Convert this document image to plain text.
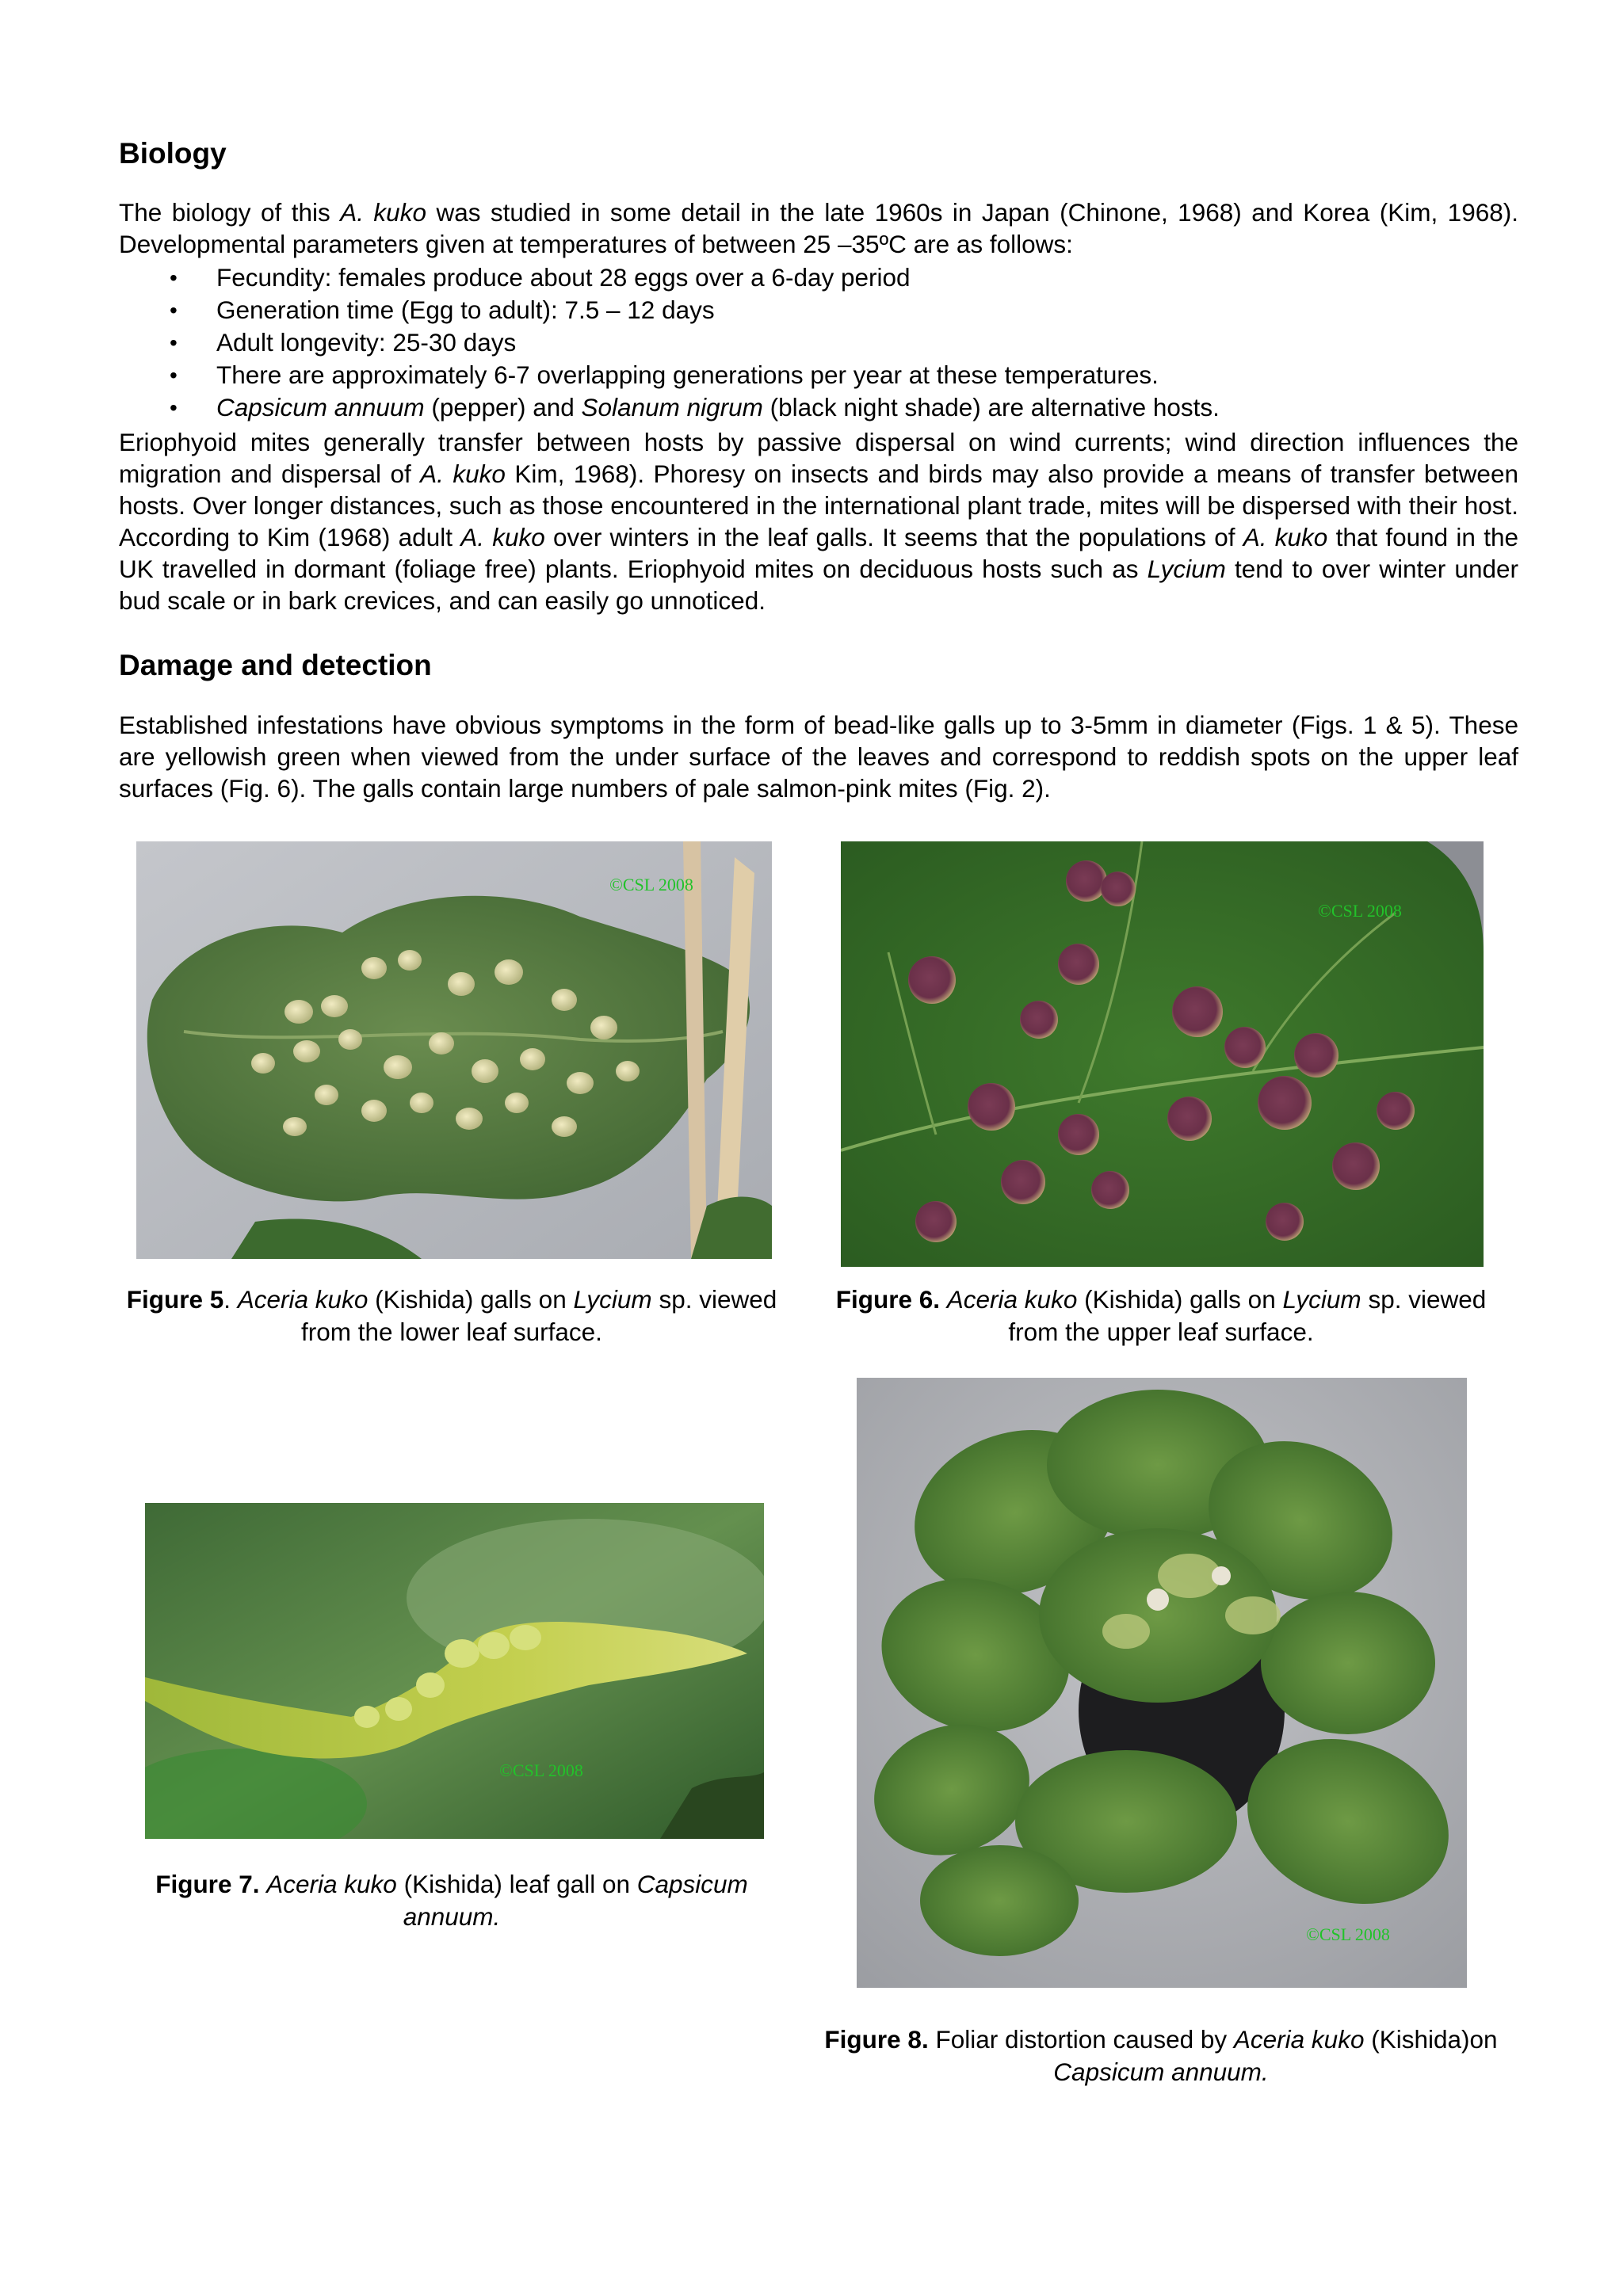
Biology

The biology of this A. kuko was studied in some detail in the late 1960s in Japan (Chinone, 1968) and Korea (Kim, 1968). Developmental parameters given at temperatures of between 25 –35ºC are as follows:

• Fecundity: females produce about 28 eggs over a 6-day period
• Generation time (Egg to adult): 7.5 – 12 days
• Adult longevity: 25-30 days
• There are approximately 6-7 overlapping generations per year at these temperatures.
• Capsicum annuum (pepper) and Solanum nigrum (black night shade) are alternative hosts.

Eriophyoid mites generally transfer between hosts by passive dispersal on wind currents; wind direction influences the migration and dispersal of A. kuko Kim, 1968). Phoresy on insects and birds may also provide a means of transfer between hosts. Over longer distances, such as those encountered in the international plant trade, mites will be dispersed with their host. According to Kim (1968) adult A. kuko over winters in the leaf galls. It seems that the populations of A. kuko that found in the UK travelled in dormant (foliage free) plants. Eriophyoid mites on deciduous hosts such as Lycium tend to over winter under bud scale or in bark crevices, and can easily go unnoticed.

Damage and detection

Established infestations have obvious symptoms in the form of bead-like galls up to 3-5mm in diameter (Figs. 1 & 5). These are yellowish green when viewed from the under surface of the leaves and correspond to reddish spots on the upper leaf surfaces (Fig. 6). The galls contain large numbers of pale salmon-pink mites (Fig. 2).

©CSL 2008
©CSL 2008
©CSL 2008
©CSL 2008

Figure 5. Aceria kuko (Kishida) galls on Lycium sp. viewed from the lower leaf surface.

Figure 6. Aceria kuko (Kishida) galls on Lycium sp. viewed from the upper leaf surface.

Figure 7. Aceria kuko (Kishida) leaf gall on Capsicum annuum.

Figure 8. Foliar distortion caused by Aceria kuko (Kishida)on Capsicum annuum.
